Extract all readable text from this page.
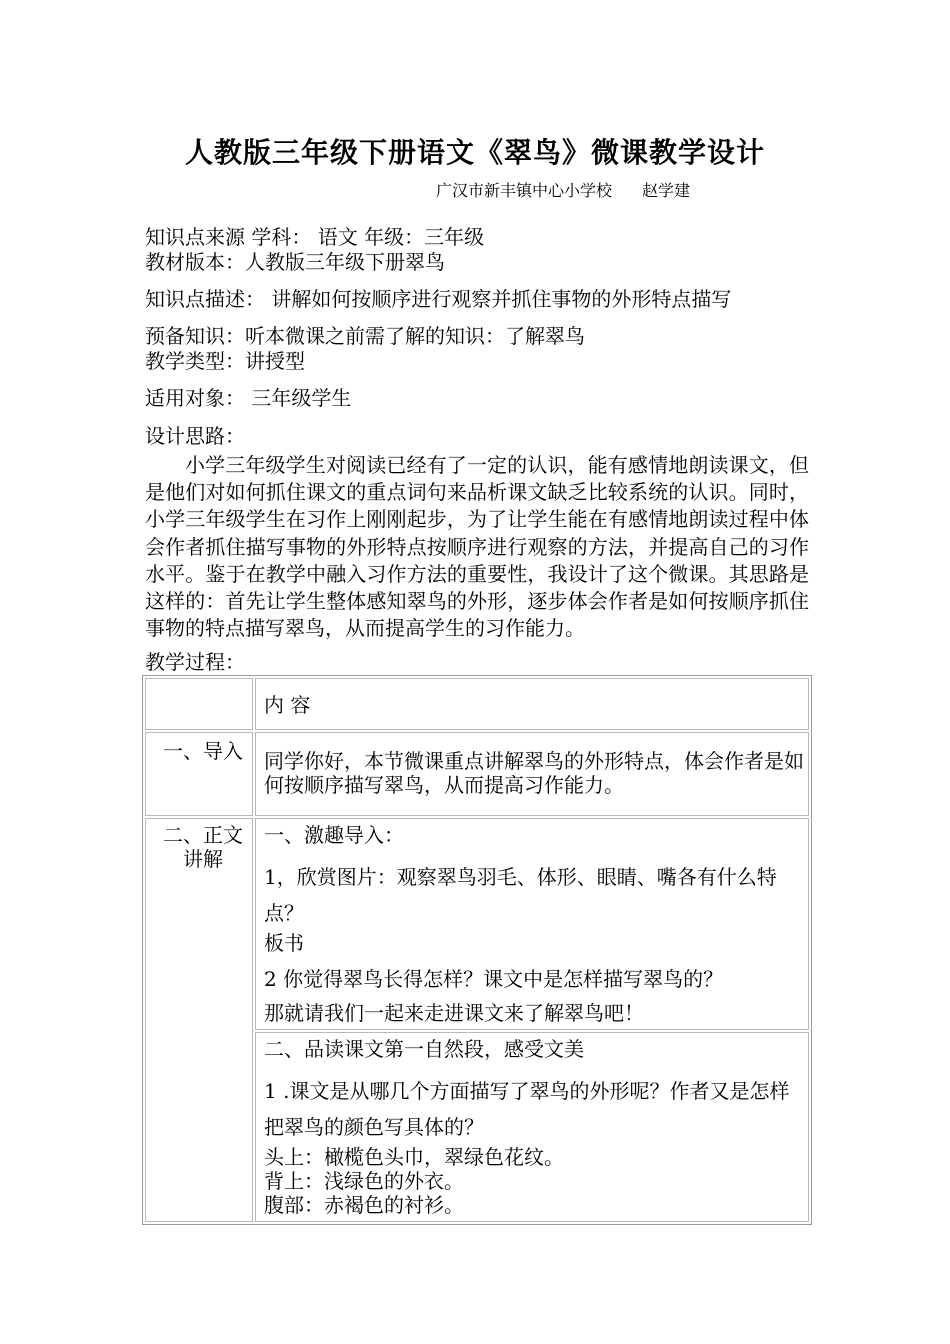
人教版三年级下册语文《翠鸟》微课教学设计
广汉市新丰镇中心小学校 赵学建
知识点来源 学科： 语文 年级：三年级
教材版本：人教版三年级下册翠鸟
知识点描述： 讲解如何按顺序进行观察并抓住事物的外形特点描写
预备知识：听本微课之前需了解的知识：了解翠鸟
教学类型：讲授型
适用对象： 三年级学生
设计思路：

小学三年级学生对阅读已经有了一定的认识，能有感情地朗读课文，但是他们对如何抓住课文的重点词句来品析课文缺乏比较系统的认识。同时，小学三年级学生在习作上刚刚起步，为了让学生能在有感情地朗读过程中体会作者抓住描写事物的外形特点按顺序进行观察的方法，并提高自己的习作水平。鉴于在教学中融入习作方法的重要性，我设计了这个微课。其思路是这样的：首先让学生整体感知翠鸟的外形，逐步体会作者是如何按顺序抓住事物的特点描写翠鸟，从而提高学生的习作能力。

教学过程：
	内 容
一、导入	同学你好，本节微课重点讲解翠鸟的外形特点，体会作者是如何按顺序描写翠鸟，从而提高习作能力。

二、正文讲解	一、激趣导入：

1，欣赏图片：观察翠鸟羽毛、体形、眼睛、嘴各有什么特点？

板书

2 你觉得翠鸟长得怎样？课文中是怎样描写翠鸟的？

那就请我们一起来走进课文来了解翠鸟吧！

	二、品读课文第一自然段，感受文美

1 .课文是从哪几个方面描写了翠鸟的外形呢？作者又是怎样把翠鸟的颜色写具体的？

头上：橄榄色头巾，翠绿色花纹。

背上：浅绿色的外衣。

腹部：赤褐色的衬衫。
